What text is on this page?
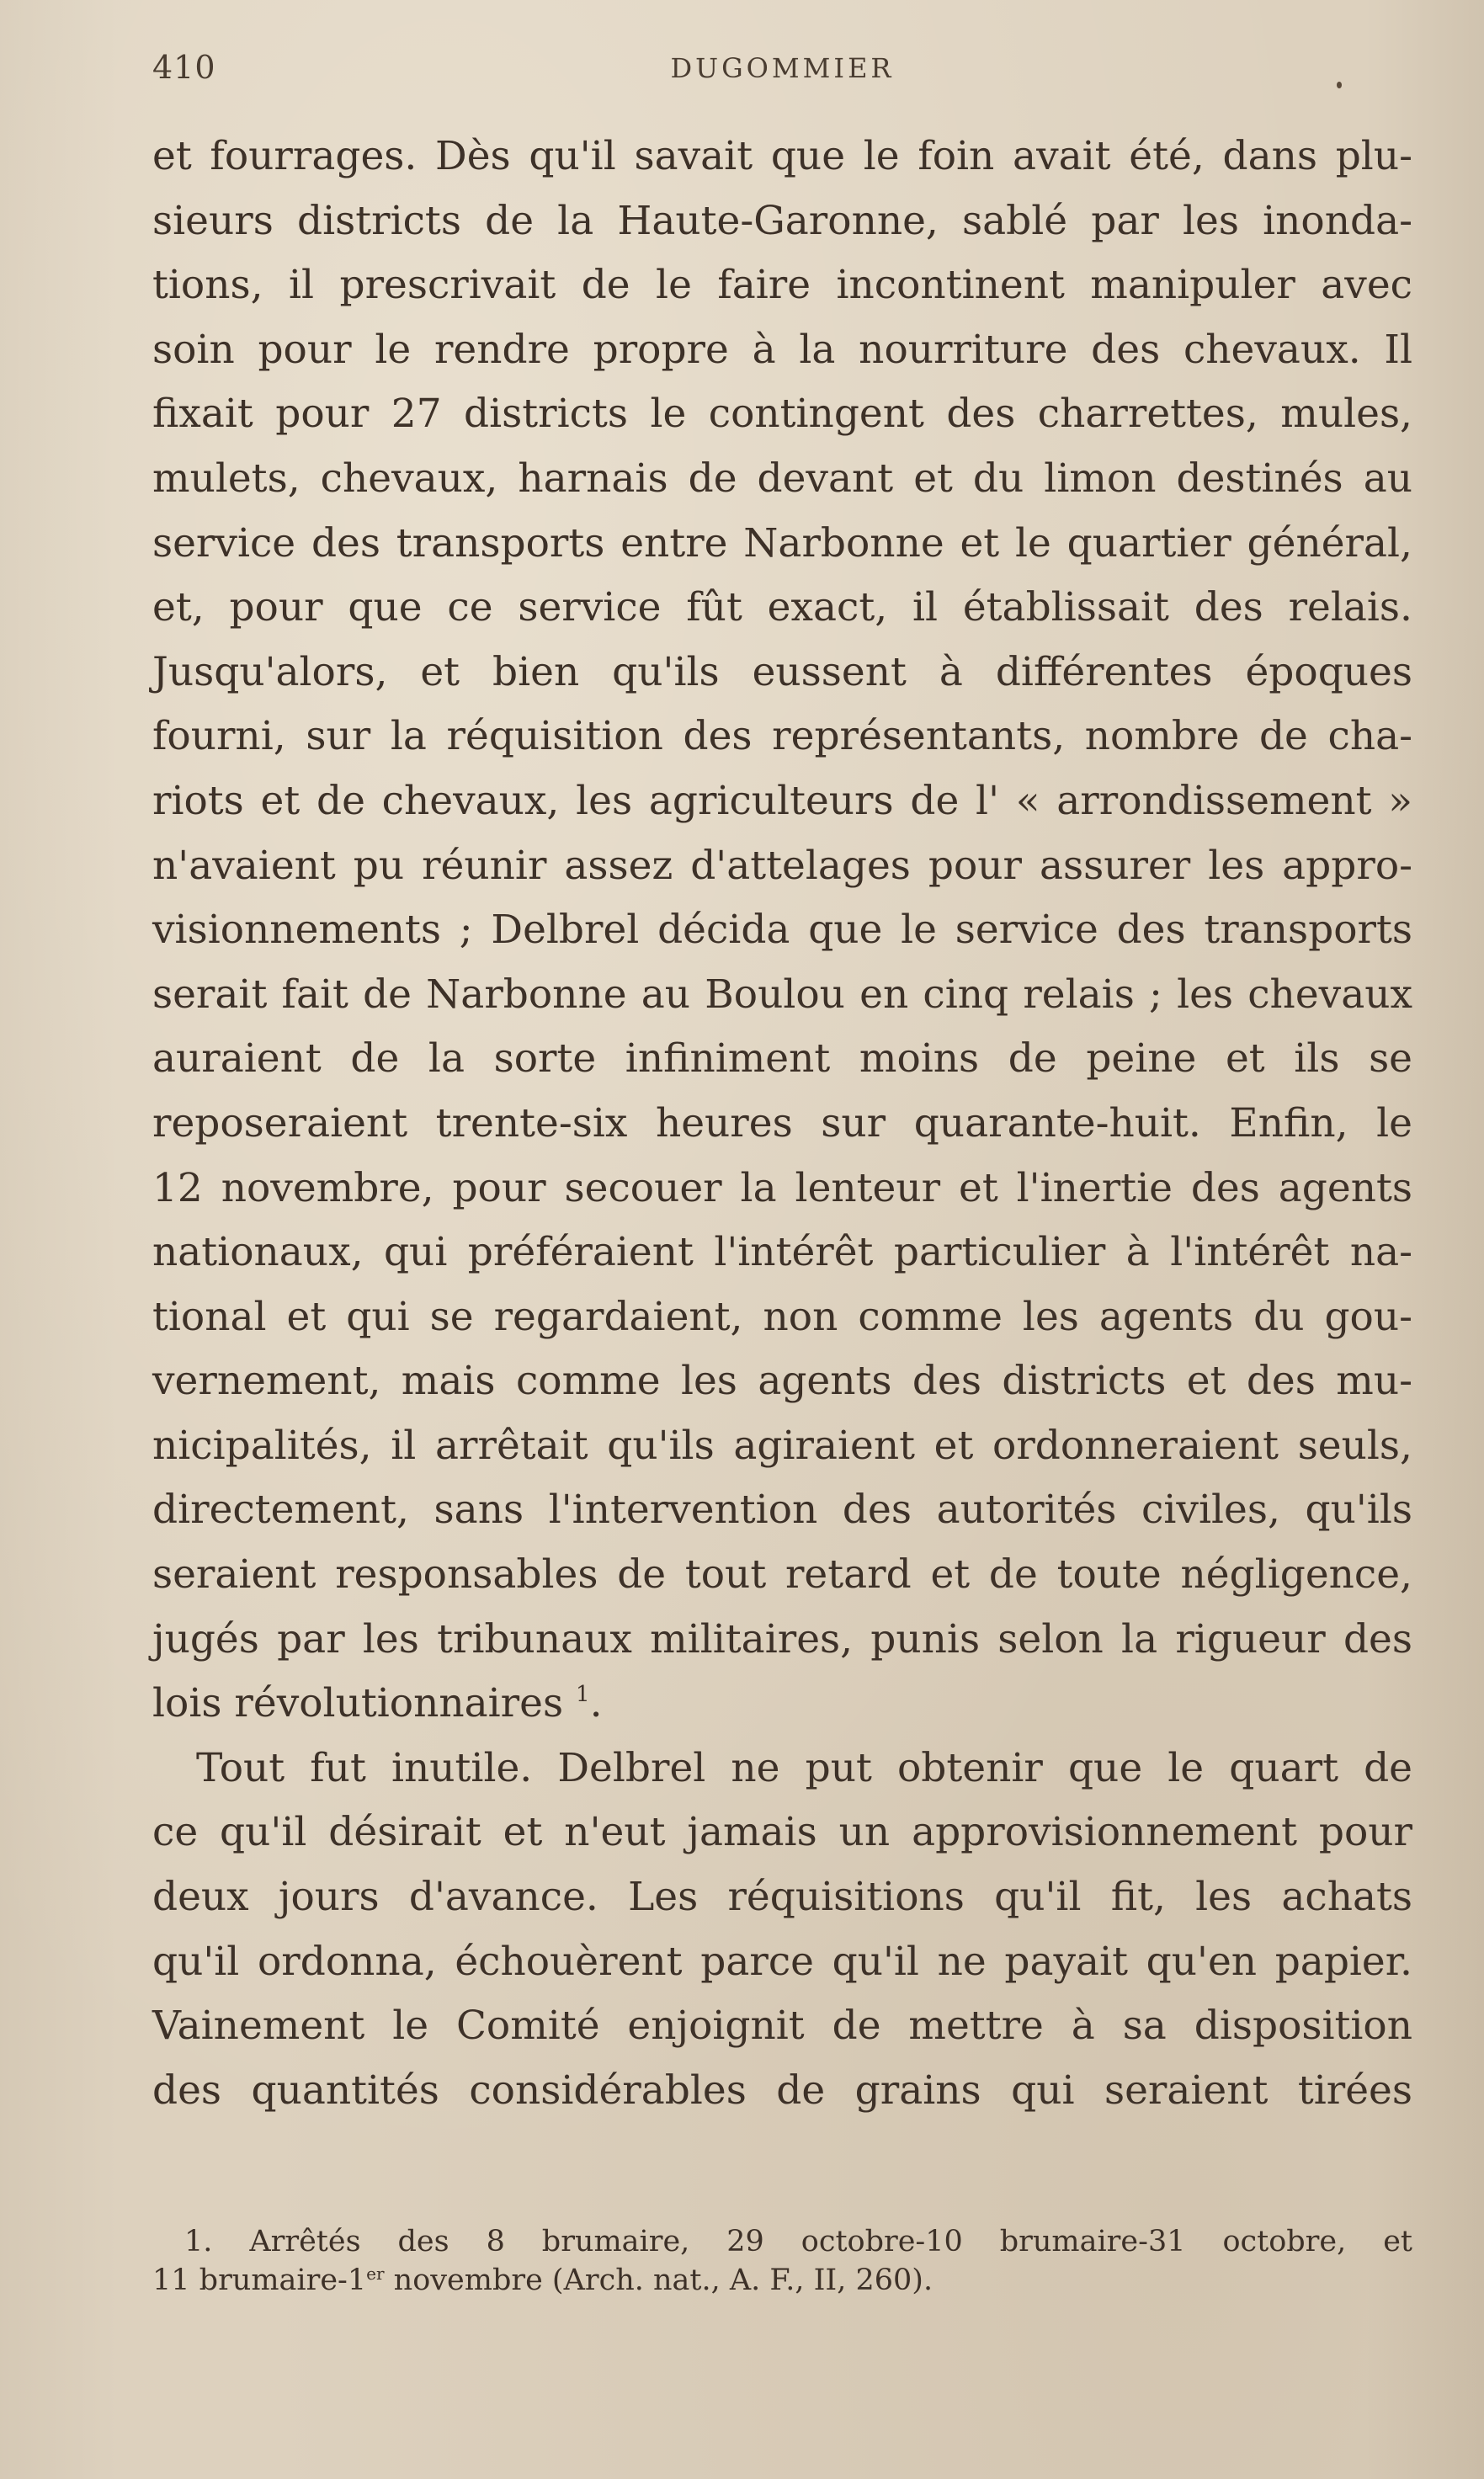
410	DUGOMMIER
et fourrages. Dès qu'il savait que le foin avait été, dans plu-
sieurs districts de la Haute-Garonne, sablé par les inonda-
tions, il prescrivait de le faire incontinent manipuler avec
soin pour le rendre propre à la nourriture des chevaux. Il
fixait pour 27 districts le contingent des charrettes, mules,
mulets, chevaux, harnais de devant et du limon destinés au
service des transports entre Narbonne et le quartier général,
et, pour que ce service fût exact, il établissait des relais.
Jusqu'alors, et bien qu'ils eussent à différentes époques
fourni, sur la réquisition des représentants, nombre de cha-
riots et de chevaux, les agriculteurs de l' « arrondissement »
n'avaient pu réunir assez d'attelages pour assurer les appro-
visionnements ; Delbrel décida que le service des transports
serait fait de Narbonne au Boulou en cinq relais ; les chevaux
auraient de la sorte infiniment moins de peine et ils se
reposeraient trente-six heures sur quarante-huit. Enfin, le
12 novembre, pour secouer la lenteur et l'inertie des agents
nationaux, qui préféraient l'intérêt particulier à l'intérêt na-
tional et qui se regardaient, non comme les agents du gou-
vernement, mais comme les agents des districts et des mu-
nicipalités, il arrêtait qu'ils agiraient et ordonneraient seuls,
directement, sans l'intervention des autorités civiles, qu'ils
seraient responsables de tout retard et de toute négligence,
jugés par les tribunaux militaires, punis selon la rigueur des
lois révolutionnaires $^1$.
Tout fut inutile. Delbrel ne put obtenir que le quart de
ce qu'il désirait et n'eut jamais un approvisionnement pour
deux jours d'avance. Les réquisitions qu'il fit, les achats
qu'il ordonna, échouèrent parce qu'il ne payait qu'en papier.
Vainement le Comité enjoignit de mettre à sa disposition
des quantités considérables de grains qui seraient tirées
1. Arrêtés des 8 brumaire, 29 octobre-10 brumaire-31 octobre, et
11 brumaire-1er novembre (Arch. nat., A. F., II, 260).
